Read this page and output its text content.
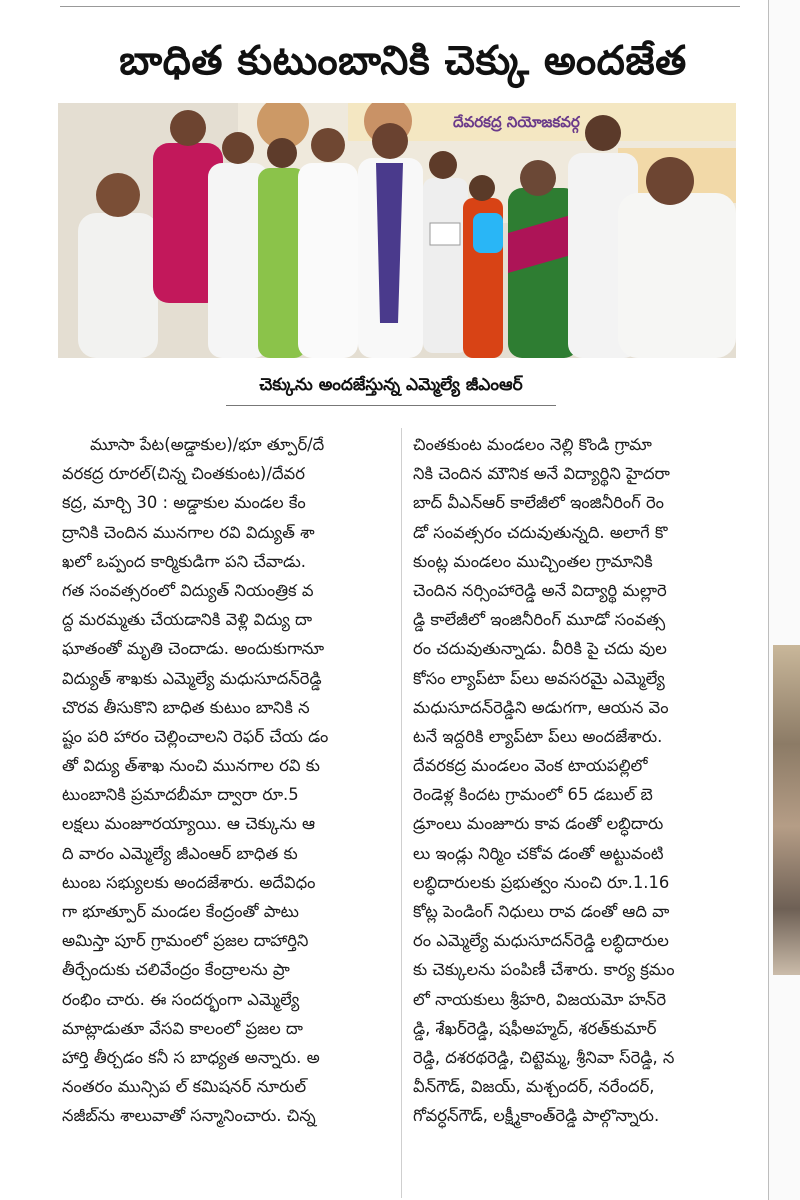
బాధిత కుటుంబానికి చెక్కు అందజేత
దేవరకద్ర నియోజకవర్గ
చెక్కును అందజేస్తున్న ఎమ్మెల్యే జీఎంఆర్
మూసా పేట(అడ్డాకుల)/భూ త్పూర్/దే
వరకద్ర రూరల్(చిన్న చింతకుంట)/దేవర
కద్ర, మార్చి 30 : అడ్డాకుల మండల కేం
ద్రానికి చెందిన మునగాల రవి విద్యుత్ శా
ఖలో ఒప్పంద కార్మికుడిగా పని చేవాడు.
గత సంవత్సరంలో విద్యుత్ నియంత్రిక వ
ద్ద మరమ్మతు చేయడానికి వెళ్లి విద్యు దా
ఘాతంతో మృతి చెందాడు. అందుకుగానూ
విద్యుత్ శాఖకు ఎమ్మెల్యే మధుసూదన్‌రెడ్డి
చొరవ తీసుకొని బాధిత కుటుం బానికి న
ష్టం పరి హారం చెల్లించాలని రెఫర్ చేయ డం
తో విద్యు త్‌శాఖ నుంచి మునగాల రవి కు
టుంబానికి ప్రమాదబీమా ద్వారా రూ.5
లక్షలు మంజూరయ్యాయి. ఆ చెక్కును ఆ
ది వారం ఎమ్మెల్యే జీఎంఆర్ బాధిత కు
టుంబ సభ్యులకు అందజేశారు. అదేవిధం
గా భూత్పూర్ మండల కేంద్రంతో పాటు
అమిస్తా పూర్ గ్రామంలో ప్రజల దాహార్తిని
తీర్చేందుకు చలివేంద్రం కేంద్రాలను ప్రా
రంభిం చారు. ఈ సందర్భంగా ఎమ్మెల్యే
మాట్లాడుతూ వేసవి కాలంలో ప్రజల దా
హార్తి తీర్చడం కనీ స బాధ్యత అన్నారు. అ
నంతరం మున్సిప ల్ కమిషనర్ నూరుల్
నజీబ్‌ను శాలువాతో సన్మానించారు. చిన్న
చింతకుంట మండలం నెల్లి కొండి గ్రామా
నికి చెందిన మౌనిక అనే విద్యార్థిని హైదరా
బాద్ వీఎన్ఆర్ కాలేజీలో ఇంజినీరింగ్ రెం
డో సంవత్సరం చదువుతున్నది. అలాగే కొ
కుంట్ల మండలం ముచ్చింతల గ్రామానికి
చెందిన నర్సింహారెడ్డి అనే విద్యార్థి మల్లారె
డ్డి కాలేజీలో ఇంజినీరింగ్ మూడో సంవత్స
రం చదువుతున్నాడు. వీరికి పై చదు వుల
కోసం ల్యాప్‌టా ప్‌లు అవసరమై ఎమ్మెల్యే
మధుసూదన్‌రెడ్డిని అడుగగా, ఆయన వెం
టనే ఇద్దరికి ల్యాప్‌టా ప్‌లు అందజేశారు.
దేవరకద్ర మండలం వెంక టాయపల్లిలో
రెండెళ్ల కిందట గ్రామంలో 65 డబుల్ బె
డ్రూంలు మంజూరు కావ డంతో లబ్ధిదారు
లు ఇండ్లు నిర్మిం చకోవ డంతో అట్టువంటి
లబ్ధిదారులకు ప్రభుత్వం నుంచి రూ.1.16
కోట్ల పెండింగ్ నిధులు రావ డంతో ఆది వా
రం ఎమ్మెల్యే మధుసూదన్‌రెడ్డి లబ్ధిదారుల
కు చెక్కులను పంపిణీ చేశారు. కార్య క్రమం
లో నాయకులు శ్రీహరి, విజయమో హన్‌రె
డ్డి, శేఖర్‌రెడ్డి, షఫీఅహ్మద్, శరత్‌కుమార్
రెడ్డి, దశరథరెడ్డి, చిట్టెమ్మ, శ్రీనివా స్‌రెడ్డి, న
వీన్‌గౌడ్, విజయ్, మశ్చందర్, నరేందర్,
గోవర్ధన్‌గౌడ్, లక్ష్మీకాంత్‌రెడ్డి పాల్గొన్నారు.
